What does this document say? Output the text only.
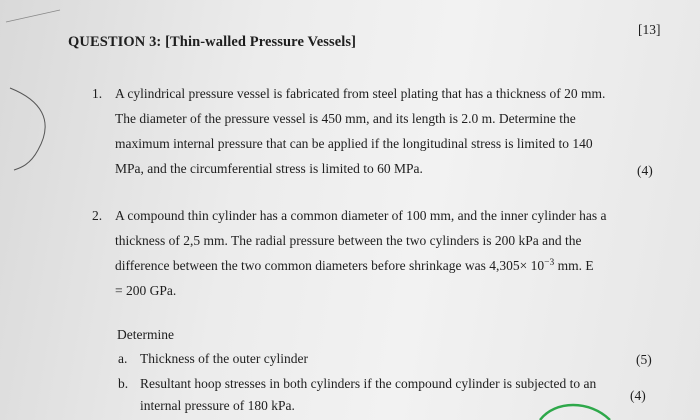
[13]
QUESTION 3: [Thin-walled Pressure Vessels]
1. A cylindrical pressure vessel is fabricated from steel plating that has a thickness of 20 mm.
The diameter of the pressure vessel is 450 mm, and its length is 2.0 m. Determine the
maximum internal pressure that can be applied if the longitudinal stress is limited to 140
MPa, and the circumferential stress is limited to 60 MPa.	(4)
2. A compound thin cylinder has a common diameter of 100 mm, and the inner cylinder has a
thickness of 2,5 mm. The radial pressure between the two cylinders is 200 kPa and the
difference between the two common diameters before shrinkage was $4,305\times 10^{-3}$ mm. E
= 200 GPa.
Determine
a. Thickness of the outer cylinder	(5)
b. Resultant hoop stresses in both cylinders if the compound cylinder is subjected to an
internal pressure of 180 kPa.
(4)
